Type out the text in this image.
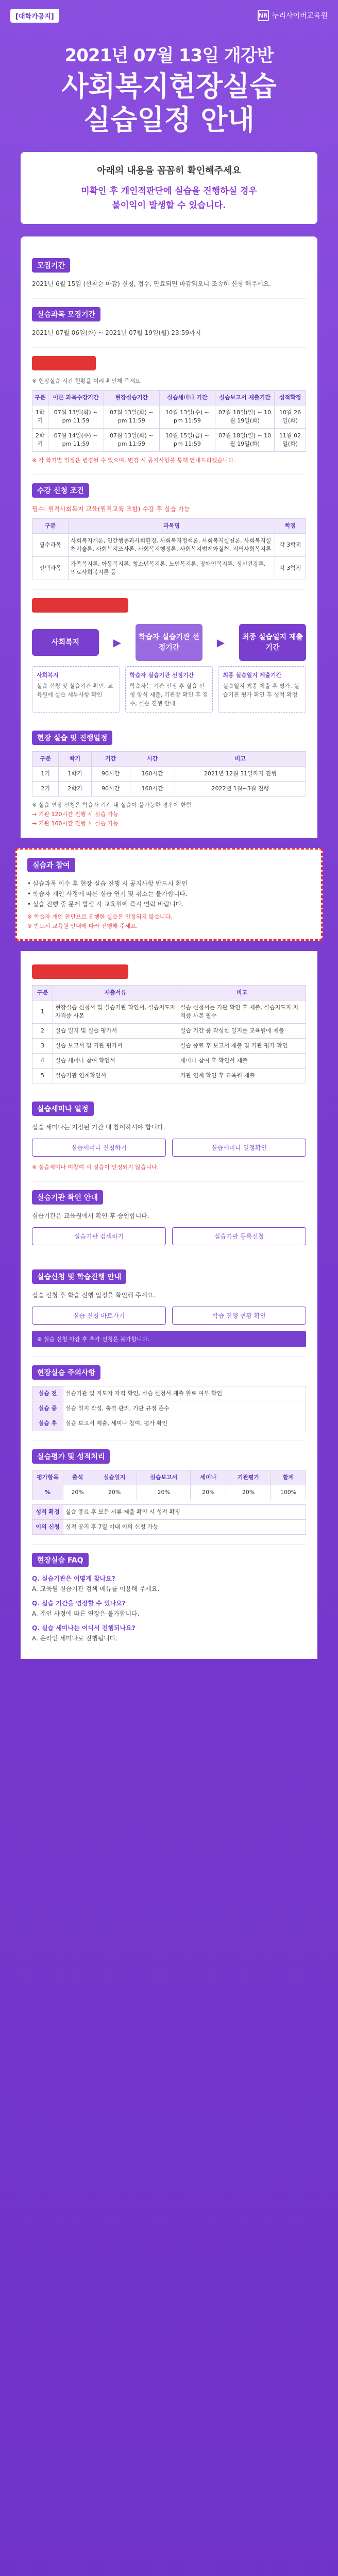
[대학가공지]	NR 누리사이버교육원
2021년 07월 13일 개강반
사회복지현장실습
실습일정 안내
아래의 내용을 꼼꼼히 확인해주세요
미확인 후 개인적판단에 실습을 진행하실 경우
불이익이 발생할 수 있습니다.
모집기간
2021년 6월 15일 (선착순 마감) 신청, 접수, 만료되면 마감되오니 조속히 신청 해주세요.
실습과목 모집기간
2021년 07월 06일(화) ~ 2021년 07월 19일(월) 23:59까지
과목기간 및 일정
※ 현장실습 시간 현황을 미리 확인해 주세요
구분	이론 과목수강기간	현장실습기간	실습세미나 기간	실습보고서 제출기간	성적확정
1학기	07월 13일(화) ~ pm 11:59	07월 13일(화) ~ pm 11:59	10월 13일(수) ~ pm 11:59	07월 18일(일) ~ 10월 19일(화)	10월 26일(화)
2학기	07월 14일(수) ~ pm 11:59	07월 13일(화) ~ pm 11:59	10월 15일(금) ~ pm 11:59	07월 18일(일) ~ 10월 19일(화)	11월 02일(화)
※ 각 학기별 일정은 변경될 수 있으며, 변경 시 공지사항을 통해 안내드리겠습니다.
수강 신청 조건
필수: 원격사회복지 교육(원격교육 포함) 수강 후 실습 가능
구분	과목명	학점
필수과목	사회복지개론, 인간행동과사회환경, 사회복지정책론, 사회복지실천론, 사회복지실천기술론, 사회복지조사론, 사회복지행정론, 사회복지법제와실천, 지역사회복지론	각 3학점
선택과목	가족복지론, 아동복지론, 청소년복지론, 노인복지론, 장애인복지론, 정신건강론, 의료사회복지론 등	각 3학점
사회복지현장실습 진행절차
사회복지	▶	학습자 실습기관 선정기간	▶	최종 실습일지 제출기간
사회복지
실습 신청 및 실습기관 확인, 교육원에 실습 세부사항 확인
학습자 실습기관 선정기간
학습자는 기관 선정 후 실습 신청 양식 제출, 기관장 확인 후 접수, 실습 진행 안내
최종 실습일지 제출기간
실습일지 최종 제출 후 평가, 실습기관 평가 확인 후 성적 확정
현장 실습 및 진행일정
구분	학기	기간	시간	비고
1기	1학기	90시간	160시간	2021년 12월 31일까지 진행
2기	2학기	90시간	160시간	2022년 1월~3월 진행
※ 실습 연장 신청은 학습자 기간 내 실습이 불가능한 경우에 한함
→ 기관 120시간 진행 시 실습 가능
→ 기관 160시간 진행 시 실습 가능
실습과 참여
• 실습과목 이수 후 현장 실습 진행 시 공지사항 반드시 확인
• 학습자 개인 사정에 따른 실습 연기 및 취소는 불가합니다.
• 실습 진행 중 문제 발생 시 교육원에 즉시 연락 바랍니다.
※ 학습자 개인 판단으로 진행한 실습은 인정되지 않습니다.
※ 반드시 교육원 안내에 따라 진행해 주세요.
사회복지현장실습 세부사항
구분	제출서류	비고
1	현장실습 신청서 및 실습기관 확인서, 실습지도자 자격증 사본	실습 신청서는 기관 확인 후 제출, 실습지도자 자격증 사본 필수
2	실습 일지 및 실습 평가서	실습 기간 중 작성한 일지를 교육원에 제출
3	실습 보고서 및 기관 평가서	실습 종료 후 보고서 제출 및 기관 평가 확인
4	실습 세미나 참여 확인서	세미나 참여 후 확인서 제출
5	실습기관 연계확인서	기관 연계 확인 후 교육원 제출
실습세미나 일정
실습 세미나는 지정된 기간 내 참여하셔야 합니다.
실습세미나 신청하기	실습세미나 일정확인
※ 실습세미나 미참여 시 실습이 인정되지 않습니다.
실습기관 확인 안내
실습기관은 교육원에서 확인 후 승인합니다.
실습기관 검색하기	실습기관 등록신청
실습신청 및 학습진행 안내
실습 신청 후 학습 진행 일정을 확인해 주세요.
실습 신청 바로가기	학습 진행 현황 확인
※ 실습 신청 마감 후 추가 신청은 불가합니다.
현장실습 주의사항
실습 전	실습기관 및 지도자 자격 확인, 실습 신청서 제출 완료 여부 확인
실습 중	실습 일지 작성, 출결 관리, 기관 규정 준수
실습 후	실습 보고서 제출, 세미나 참여, 평가 확인
실습평가 및 성적처리
평가항목	출석	실습일지	실습보고서	세미나	기관평가	합계
%	20%	20%	20%	20%	20%	100%
성적 확정	실습 종료 후 모든 서류 제출 확인 시 성적 확정
이의 신청	성적 공지 후 7일 이내 이의 신청 가능
현장실습 FAQ
Q. 실습기관은 어떻게 찾나요?
A. 교육원 실습기관 검색 메뉴를 이용해 주세요.
Q. 실습 기간을 연장할 수 있나요?
A. 개인 사정에 따른 연장은 불가합니다.
Q. 실습 세미나는 어디서 진행되나요?
A. 온라인 세미나로 진행됩니다.
